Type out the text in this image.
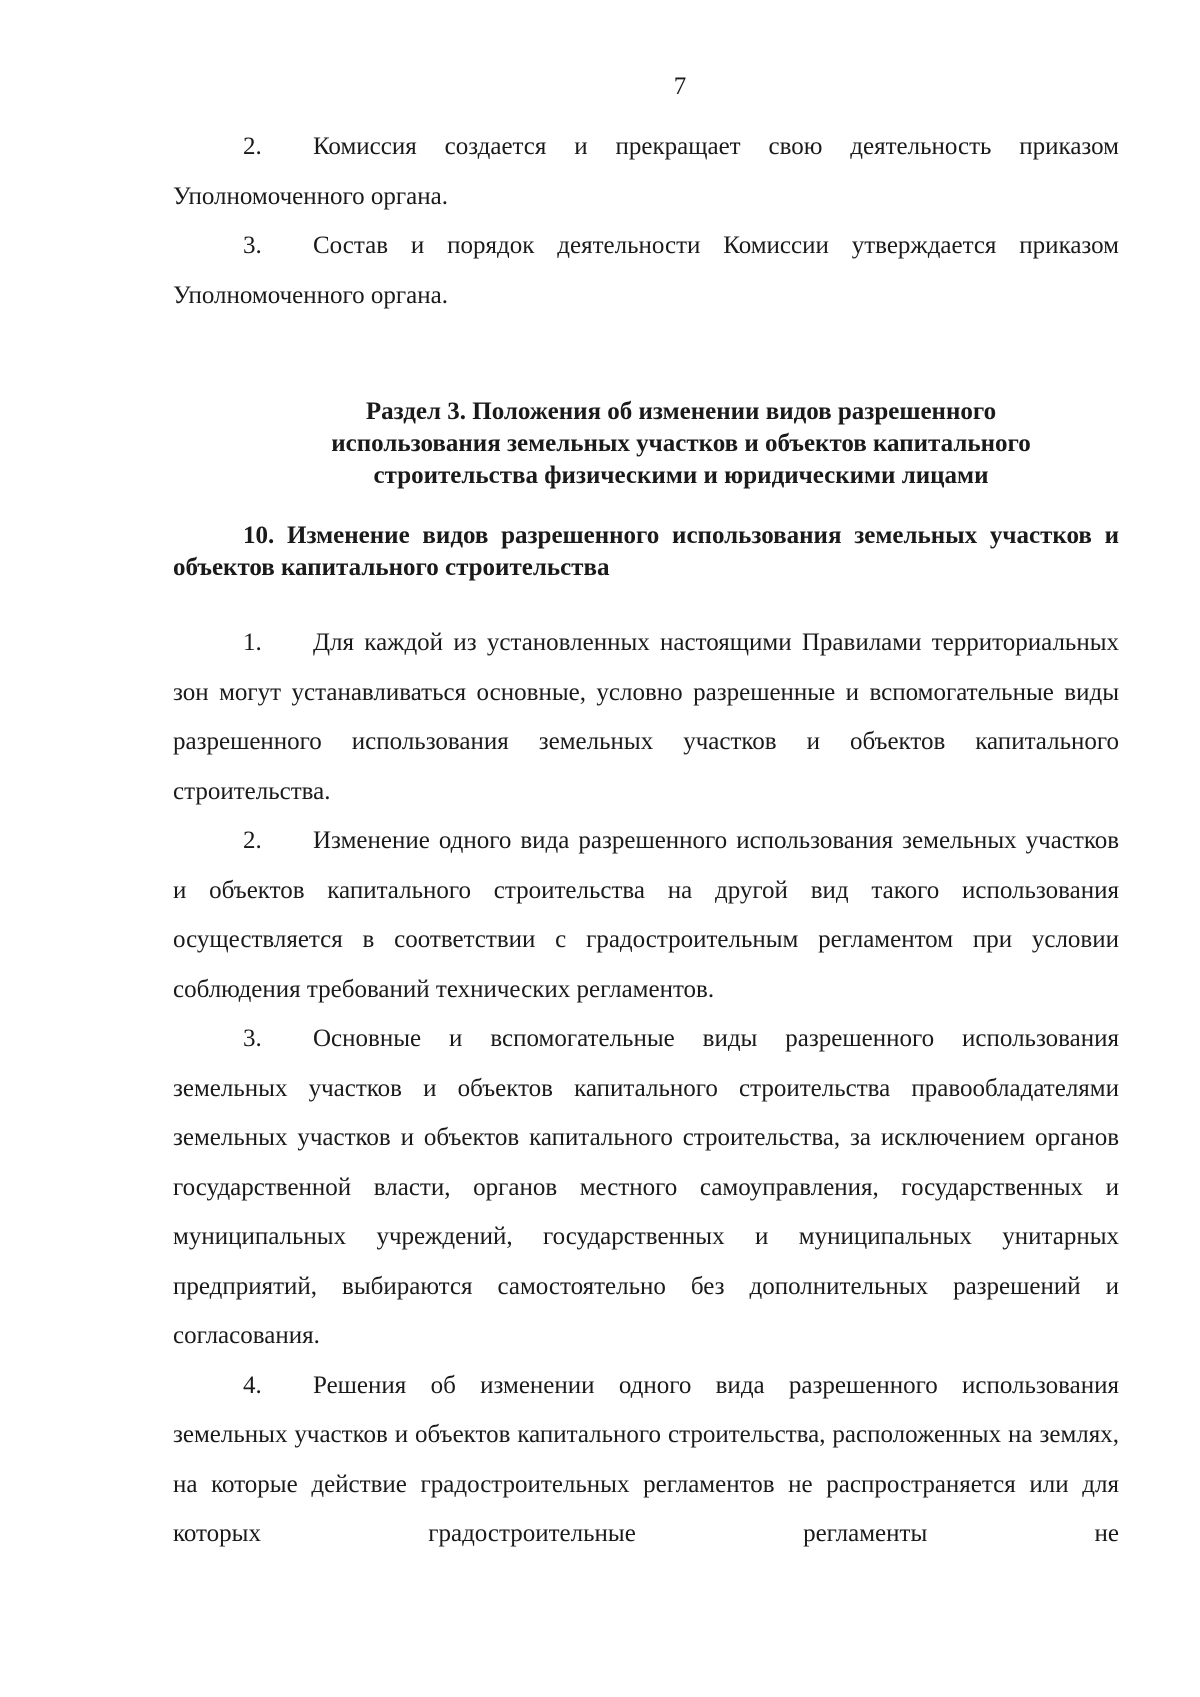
7

2. Комиссия создается и прекращает свою деятельность приказом Уполномоченного органа.

3. Состав и порядок деятельности Комиссии утверждается приказом Уполномоченного органа.

Раздел 3. Положения об изменении видов разрешенного
использования земельных участков и объектов капитального
строительства физическими и юридическими лицами

10. Изменение видов разрешенного использования земельных участков и объектов капитального строительства

1. Для каждой из установленных настоящими Правилами территориальных зон могут устанавливаться основные, условно разрешенные и вспомогательные виды разрешенного использования земельных участков и объектов капитального строительства.

2. Изменение одного вида разрешенного использования земельных участков и объектов капитального строительства на другой вид такого использования осуществляется в соответствии с градостроительным регламентом при условии соблюдения требований технических регламентов.

3. Основные и вспомогательные виды разрешенного использования земельных участков и объектов капитального строительства правообладателями земельных участков и объектов капитального строительства, за исключением органов государственной власти, органов местного самоуправления, государственных и муниципальных учреждений, государственных и муниципальных унитарных предприятий, выбираются самостоятельно без дополнительных разрешений и согласования.

4. Решения об изменении одного вида разрешенного использования земельных участков и объектов капитального строительства, расположенных на землях, на которые действие градостроительных регламентов не распространяется или для которых градостроительные регламенты не
